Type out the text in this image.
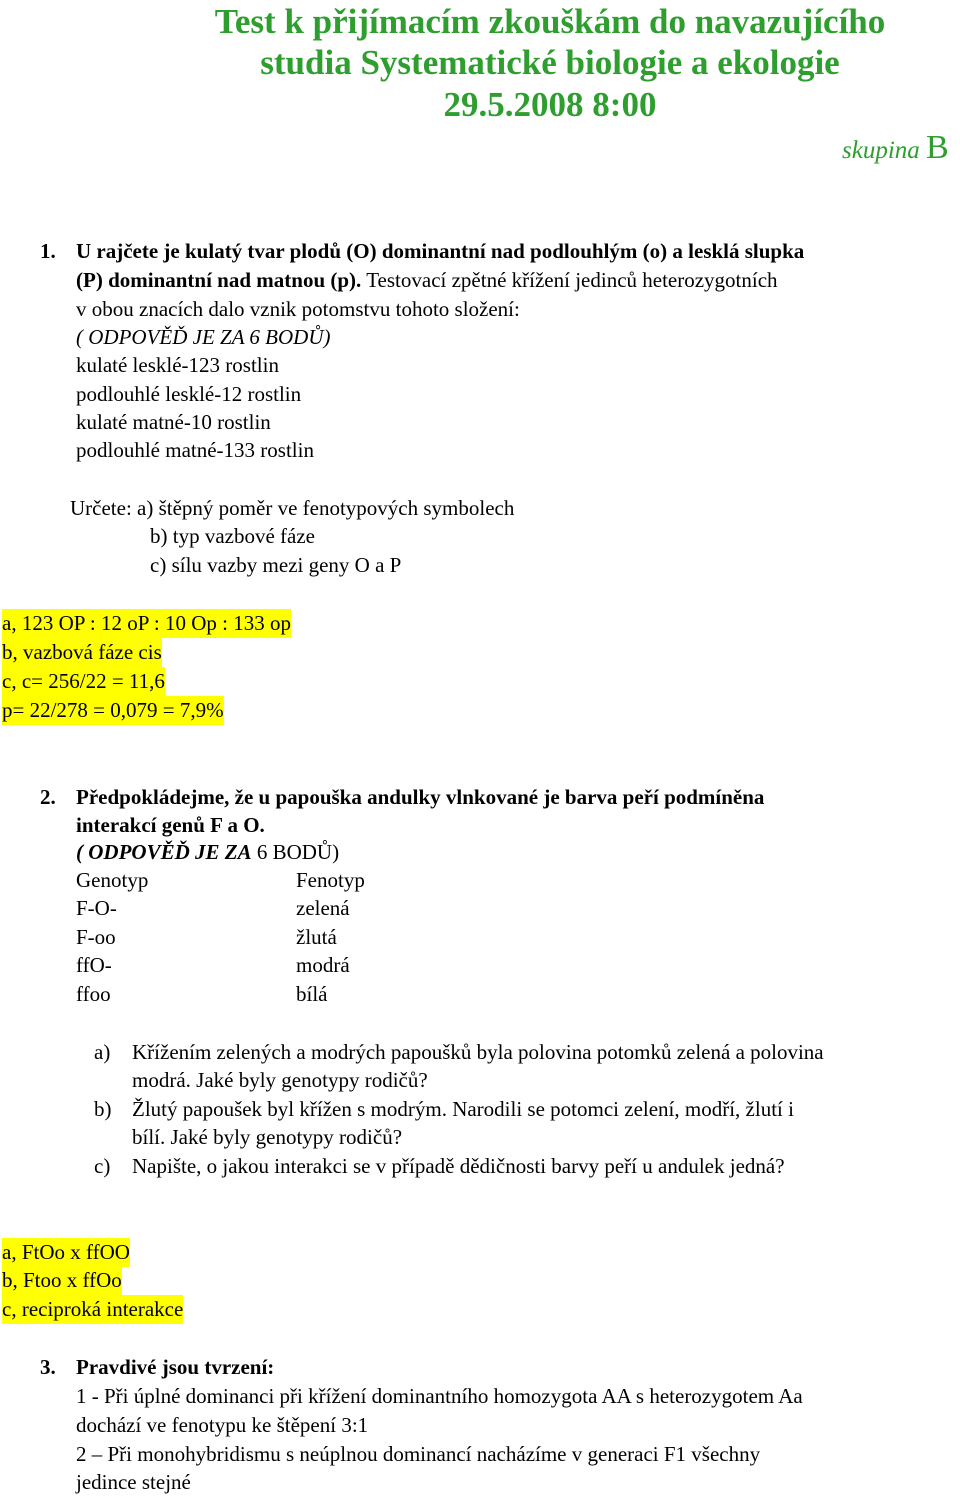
Test k přijímacím zkouškám do navazujícího
studia Systematické biologie a ekologie
29.5.2008 8:00
skupina B
1. U rajčete je kulatý tvar plodů (O) dominantní nad podlouhlým (o) a lesklá slupka
(P) dominantní nad matnou (p). Testovací zpětné křížení jedinců heterozygotních
v obou znacích dalo vznik potomstvu tohoto složení:
( ODPOVĚĎ JE ZA 6 BODŮ)
kulaté lesklé-123 rostlin
podlouhlé lesklé-12 rostlin
kulaté matné-10 rostlin
podlouhlé matné-133 rostlin
Určete: a) štěpný poměr ve fenotypových symbolech
b) typ vazbové fáze
c) sílu vazby mezi geny O a P
a, 123 OP : 12 oP : 10 Op : 133 op
b, vazbová fáze cis
c, c= 256/22 = 11,6
p= 22/278 = 0,079 = 7,9%
2. Předpokládejme, že u papouška andulky vlnkované je barva peří podmíněna
interakcí genů F a O.
( ODPOVĚĎ JE ZA 6 BODŮ)
Genotyp	Fenotyp
F-O-	zelená
F-oo	žlutá
ffO-	modrá
ffoo	bílá
a) Křížením zelených a modrých papoušků byla polovina potomků zelená a polovina
modrá. Jaké byly genotypy rodičů?
b) Žlutý papoušek byl křížen s modrým. Narodili se potomci zelení, modří, žlutí i
bílí. Jaké byly genotypy rodičů?
c) Napište, o jakou interakci se v případě dědičnosti barvy peří u andulek jedná?
a, FtOo x ffOO
b, Ftoo x ffOo
c, reciproká interakce
3. Pravdivé jsou tvrzení:
1 - Při úplné dominanci při křížení dominantního homozygota AA s heterozygotem Aa
dochází ve fenotypu ke štěpení 3:1
2 – Při monohybridismu s neúplnou dominancí nacházíme v generaci F1 všechny
jedince stejné
